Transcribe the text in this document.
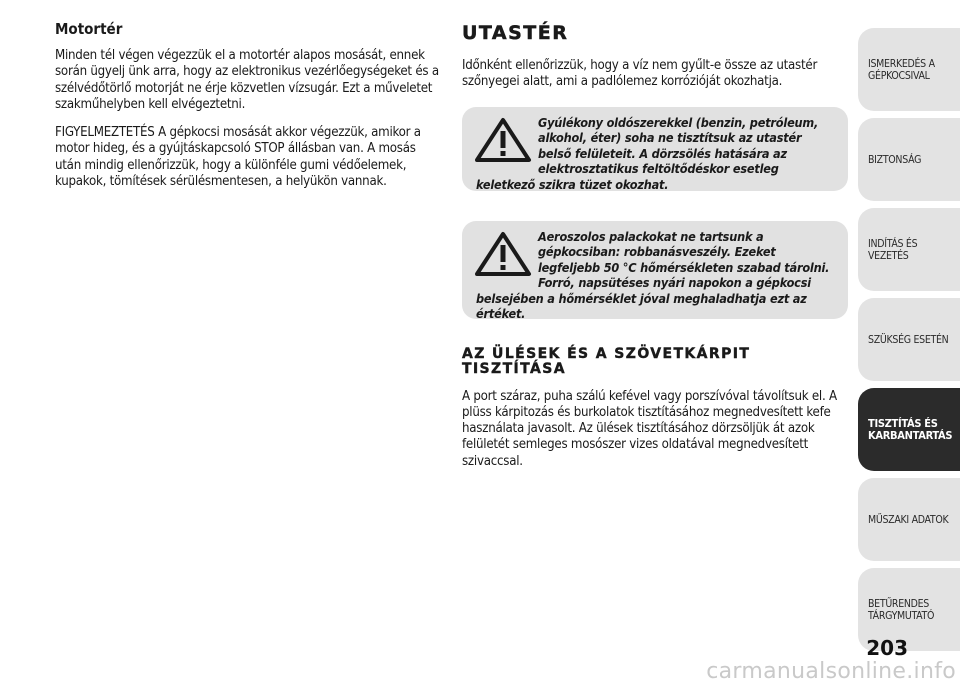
Motortér

Minden tél végen végezzük el a motortér alapos mosását, ennek során ügyelj ünk arra, hogy az elektronikus vezérlőegységeket és a szélvédőtörlő motorját ne érje közvetlen vízsugár. Ezt a műveletet szakműhelyben kell elvégeztetni.

FIGYELMEZTETÉS A gépkocsi mosását akkor végezzük, amikor a motor hideg, és a gyújtáskapcsoló STOP állásban van. A mosás után mindig ellenőrizzük, hogy a különféle gumi védőelemek, kupakok, tömítések sérülésmentesen, a helyükön vannak.

UTASTÉR

Időnként ellenőrizzük, hogy a víz nem gyűlt-e össze az utastér szőnyegei alatt, ami a padlólemez korrózióját okozhatja.

Gyúlékony oldószerekkel (benzin, petróleum, alkohol, éter) soha ne tisztítsuk az utastér belső felületeit. A dörzsölés hatására az elektrosztatikus feltöltődéskor esetleg keletkező szikra tüzet okozhat.
Aeroszolos palackokat ne tartsunk a gépkocsiban: robbanásveszély. Ezeket legfeljebb 50 °C hőmérsékleten szabad tárolni. Forró, napsütéses nyári napokon a gépkocsi belsejében a hőmérséklet jóval meghaladhatja ezt az értéket.
AZ ÜLÉSEK ÉS A SZÖVETKÁRPIT TISZTÍTÁSA

A port száraz, puha szálú kefével vagy porszívóval távolítsuk el. A plüss kárpitozás és burkolatok tisztításához megnedvesített kefe használata javasolt. Az ülések tisztításához dörzsöljük át azok felületét semleges mosószer vizes oldatával megnedvesített szivaccsal.

ISMERKEDÉS A GÉPKOCSIVAL
BIZTONSÁG
INDÍTÁS ÉS VEZETÉS
SZÜKSÉG ESETÉN
TISZTÍTÁS ÉS KARBANTARTÁS
MŰSZAKI ADATOK
BETŰRENDES TÁRGYMUTATÓ
203
carmanualsonline.info
